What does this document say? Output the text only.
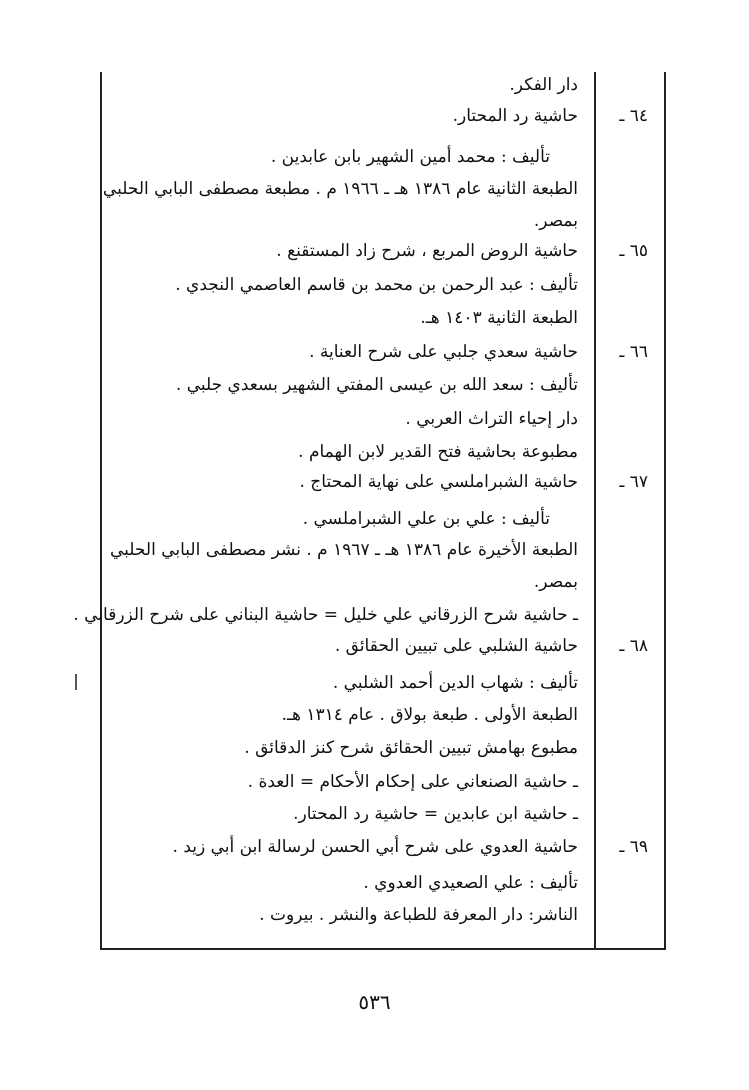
دار الفكر.
٦٤ ـ
حاشية رد المحتار.
تأليف : محمد أمين الشهير بابن عابدين .
الطبعة الثانية عام ١٣٨٦ هـ ـ ١٩٦٦ م . مطبعة مصطفى البابي الحلبي
بمصر.
٦٥ ـ
حاشية الروض المربع ، شرح زاد المستقنع .
تأليف : عبد الرحمن بن محمد بن قاسم العاصمي النجدي .
الطبعة الثانية ١٤٠٣ هـ.
٦٦ ـ
حاشية سعدي جلبي على شرح العناية .
تأليف : سعد الله بن عيسى المفتي الشهير بسعدي جلبي .
دار إحياء التراث العربي .
مطبوعة بحاشية فتح القدير لابن الهمام .
٦٧ ـ
حاشية الشبراملسي على نهاية المحتاج .
تأليف : علي بن علي الشبراملسي .
الطبعة الأخيرة عام ١٣٨٦ هـ ـ ١٩٦٧ م . نشر مصطفى البابي الحلبي
بمصر.
ـ حاشية شرح الزرقاني علي خليل = حاشية البناني على شرح الزرقاني .
٦٨ ـ
حاشية الشلبي على تبيين الحقائق .
تأليف : شهاب الدين أحمد الشلبي .
الطبعة الأولى . طبعة بولاق . عام ١٣١٤ هـ.
مطبوع بهامش تبيين الحقائق شرح كنز الدقائق .
ـ حاشية الصنعاني على إحكام الأحكام = العدة .
ـ حاشية ابن عابدين = حاشية رد المحتار.
٦٩ ـ
حاشية العدوي على شرح أبي الحسن لرسالة ابن أبي زيد .
تأليف : علي الصعيدي العدوي .
الناشر: دار المعرفة للطباعة والنشر . بيروت .
٥٣٦
